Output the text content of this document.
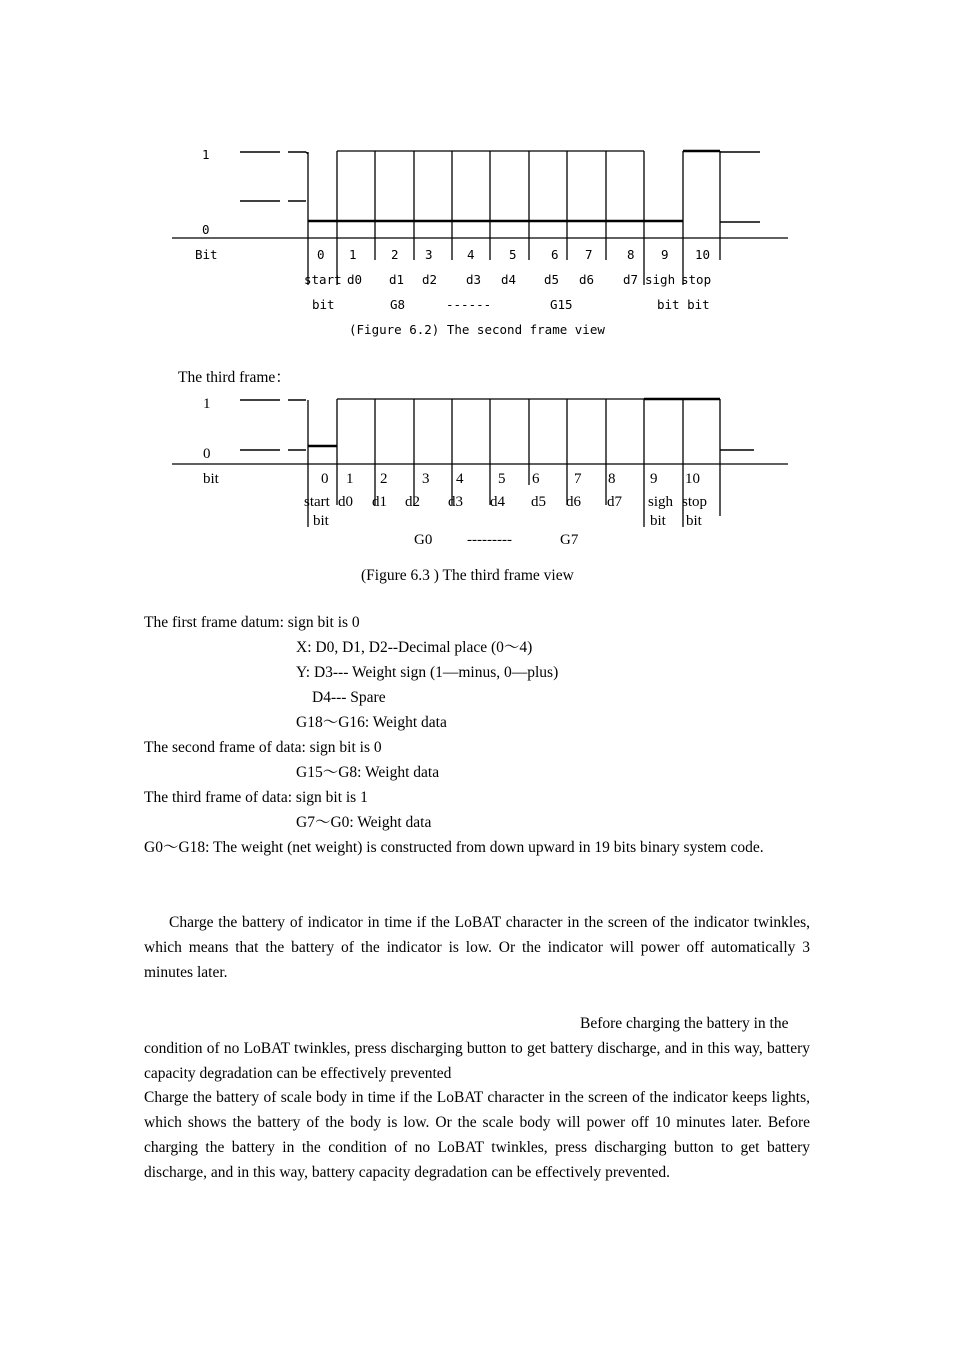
1
0
Bit	0 1	2 3	4	5	6 7	8 9 10
start d0 d1 d2 d3 d4 d5 d6 d7 sigh stop
bit	G8	------	G15	bit bit
(Figure 6.2) The second frame view
The third frame：
1
0
bit	0 1 2 3 4 5 6 7 8 9 10
start d0 d1 d2 d3 d4 d5 d6 d7 sigh stop
bit	bit bit
G0 ---------	G7
(Figure 6.3 ) The third frame view
The first frame datum: sign bit is 0
X: D0, D1, D2--Decimal place (0～4)
Y: D3--- Weight sign (1—minus, 0—plus)
D4--- Spare
G18～G16: Weight data
The second frame of data: sign bit is 0
G15～G8: Weight data
The third frame of data: sign bit is 1
G7～G0: Weight data

G0～G18: The weight (net weight) is constructed from down upward in 19 bits binary system code.

Charge the battery of indicator in time if the LoBAT character in the screen of the indicator twinkles, which means that the battery of the indicator is low. Or the indicator will power off automatically 3 minutes later.

Before charging the battery in the

condition of no LoBAT twinkles, press discharging button to get battery discharge, and in this way, battery capacity degradation can be effectively prevented

Charge the battery of scale body in time if the LoBAT character in the screen of the indicator keeps lights, which shows the battery of the body is low. Or the scale body will power off 10 minutes later. Before charging the battery in the condition of no LoBAT twinkles, press discharging button to get battery discharge, and in this way, battery capacity degradation can be effectively prevented.
